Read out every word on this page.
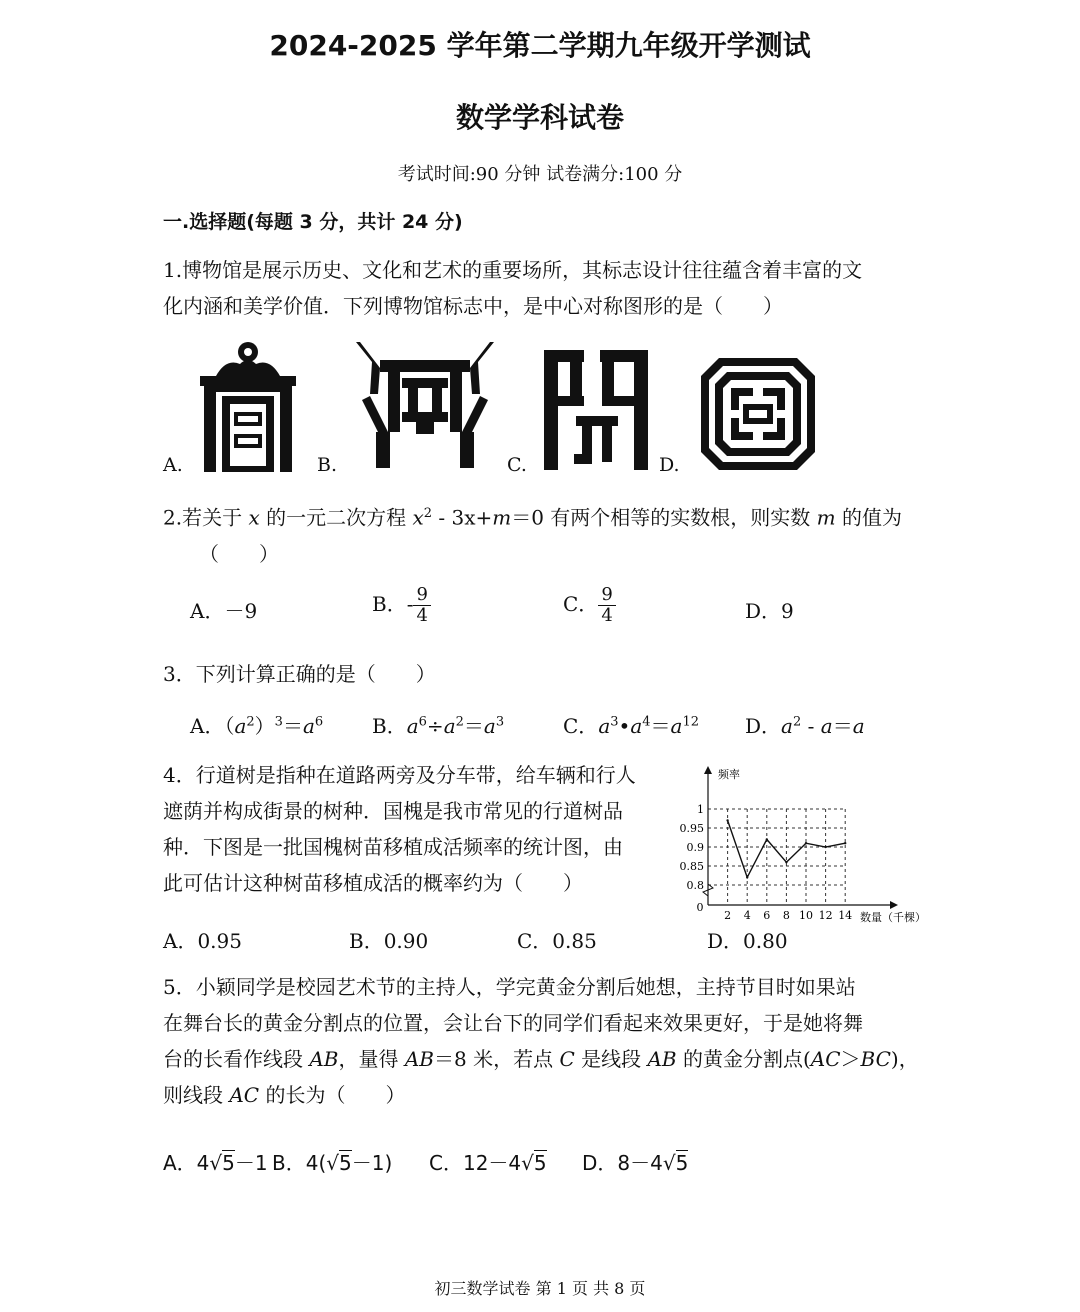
2024-2025 学年第二学期九年级开学测试
数学学科试卷
考试时间:90 分钟 试卷满分:100 分
一.选择题(每题 3 分，共计 24 分)
1.博物馆是展示历史、文化和艺术的重要场所，其标志设计往往蕴含着丰富的文
化内涵和美学价值．下列博物馆标志中，是中心对称图形的是（　　）
A.	B.	C.	D.
2.若关于 x 的一元二次方程 $x^2 - 3x+m=0$ 有两个相等的实数根，则实数 m 的值为
（　　）
A．－9	B．- $\frac{9}{4}$	C． $\frac{9}{4}$	D．9
3．下列计算正确的是（　　）
A．$(a^2)^3=a^6$ B．$a^6\div a^2=a^3$	C．$a^3•a^4=a^{12}$ D．$a^2 - a=a$
4．行道树是指种在道路两旁及分车带，给车辆和行人
遮荫并构成街景的树种．国槐是我市常见的行道树品
种．下图是一批国槐树苗移植成活频率的统计图，由
此可估计这种树苗移植成活的概率约为（　　）	0.8
0.85
0.9
0.95
1
2 4 6 8 10 12 14
0
频率
数量（千棵）
A．0.95	B．0.90	C．0.85	D．0.80
5．小颖同学是校园艺术节的主持人，学完黄金分割后她想，主持节目时如果站
在舞台长的黄金分割点的位置，会让台下的同学们看起来效果更好，于是她将舞
台的长看作线段 AB，量得 AB＝8 米，若点 C 是线段 AB 的黄金分割点(AC＞BC)，
则线段 AC 的长为（　　）
A．4√5－1 B．4(√5－1) C．12－4√5 D．8－4√5
初三数学试卷 第 1 页 共 8 页
